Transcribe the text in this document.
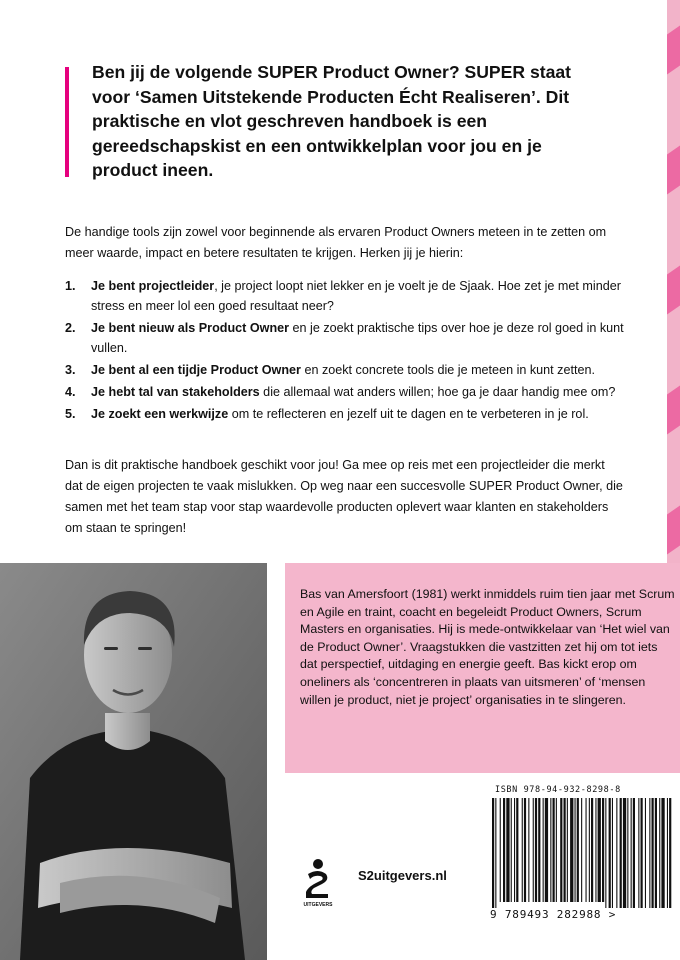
Ben jij de volgende SUPER Product Owner? SUPER staat voor ‘Samen Uitstekende Producten Écht Realiseren’. Dit praktische en vlot geschreven handboek is een gereedschapskist en een ontwikkelplan voor jou en je product ineen.

De handige tools zijn zowel voor beginnende als ervaren Product Owners meteen in te zetten om meer waarde, impact en betere resultaten te krijgen. Herken jij je hierin:

1. Je bent projectleider, je project loopt niet lekker en je voelt je de Sjaak. Hoe zet je met minder stress en meer lol een goed resultaat neer?
2. Je bent nieuw als Product Owner en je zoekt praktische tips over hoe je deze rol goed in kunt vullen.
3. Je bent al een tijdje Product Owner en zoekt concrete tools die je meteen in kunt zetten.
4. Je hebt tal van stakeholders die allemaal wat anders willen; hoe ga je daar handig mee om?
5. Je zoekt een werkwijze om te reflecteren en jezelf uit te dagen en te verbeteren in je rol.

Dan is dit praktische handboek geschikt voor jou! Ga mee op reis met een projectleider die merkt dat de eigen projecten te vaak mislukken. Op weg naar een succesvolle SUPER Product Owner, die samen met het team stap voor stap waardevolle producten oplevert waar klanten en stakeholders om staan te springen!

Bas van Amersfoort (1981) werkt inmiddels ruim tien jaar met Scrum en Agile en traint, coacht en begeleidt Product Owners, Scrum Masters en organisaties. Hij is mede-ontwikkelaar van ‘Het wiel van de Product Owner’. Vraagstukken die vastzitten zet hij om tot iets dat perspectief, uitdaging en energie geeft. Bas kickt erop om oneliners als ‘concentreren in plaats van uitsmeren’ of ‘mensen willen je product, niet je project’ organisaties in te slingeren.

UITGEVERS
S2uitgevers.nl
ISBN 978-94-932-8298-8
9 789493 282988 >
